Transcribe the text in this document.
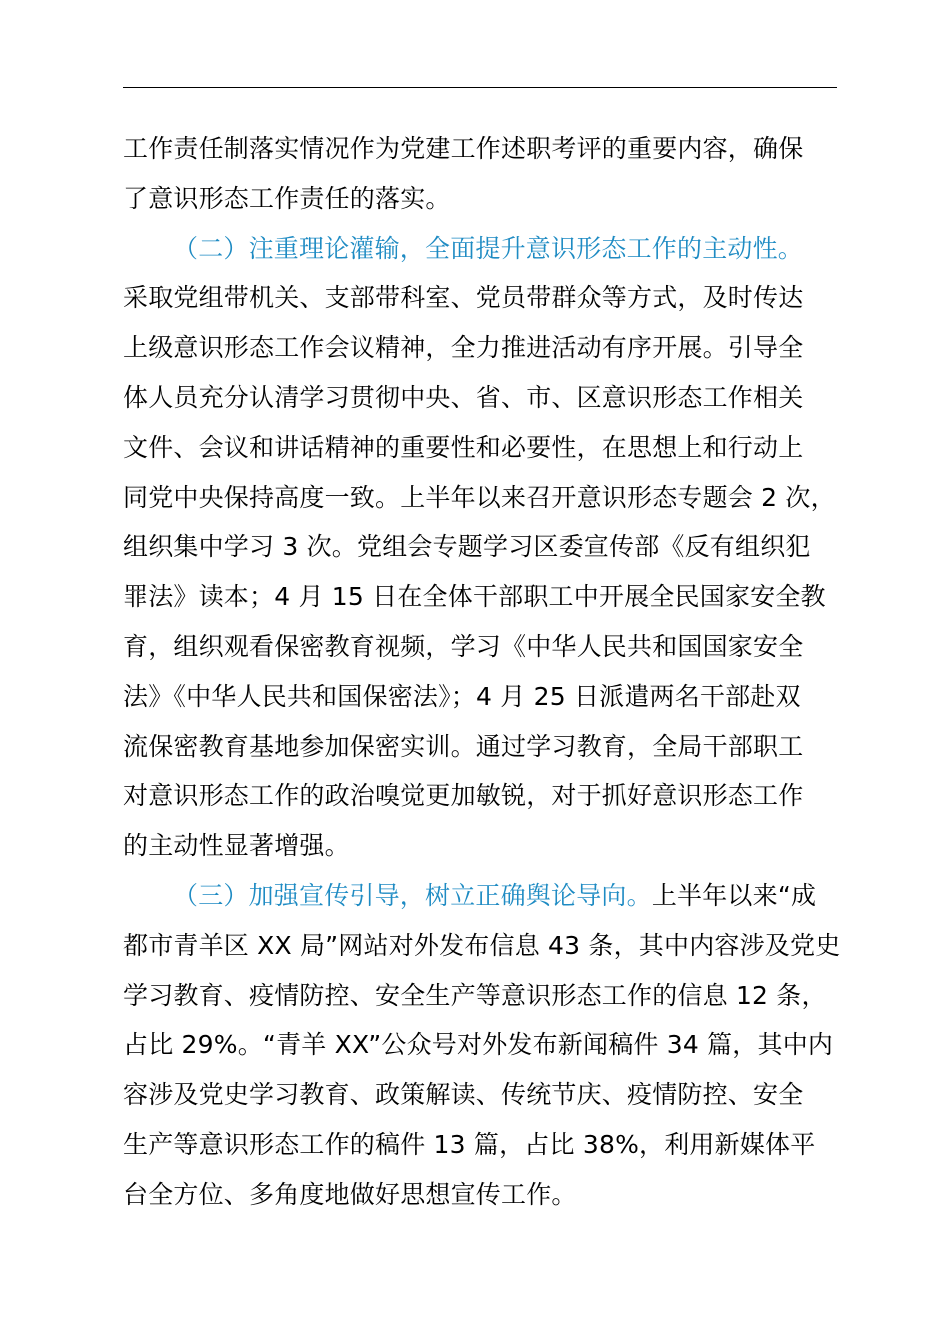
工作责任制落实情况作为党建工作述职考评的重要内容，确保
了意识形态工作责任的落实。
（二）注重理论灌输，全面提升意识形态工作的主动性。
采取党组带机关、支部带科室、党员带群众等方式，及时传达
上级意识形态工作会议精神，全力推进活动有序开展。引导全
体人员充分认清学习贯彻中央、省、市、区意识形态工作相关
文件、会议和讲话精神的重要性和必要性，在思想上和行动上
同党中央保持高度一致。上半年以来召开意识形态专题会 2 次，
组织集中学习 3 次。党组会专题学习区委宣传部《反有组织犯
罪法》读本；4 月 15 日在全体干部职工中开展全民国家安全教
育，组织观看保密教育视频，学习《中华人民共和国国家安全
法》《中华人民共和国保密法》；4 月 25 日派遣两名干部赴双
流保密教育基地参加保密实训。通过学习教育，全局干部职工
对意识形态工作的政治嗅觉更加敏锐，对于抓好意识形态工作
的主动性显著增强。
（三）加强宣传引导，树立正确舆论导向。上半年以来“成
都市青羊区 XX 局”网站对外发布信息 43 条，其中内容涉及党史
学习教育、疫情防控、安全生产等意识形态工作的信息 12 条，
占比 29%。“青羊 XX”公众号对外发布新闻稿件 34 篇，其中内
容涉及党史学习教育、政策解读、传统节庆、疫情防控、安全
生产等意识形态工作的稿件 13 篇，占比 38%，利用新媒体平
台全方位、多角度地做好思想宣传工作。
